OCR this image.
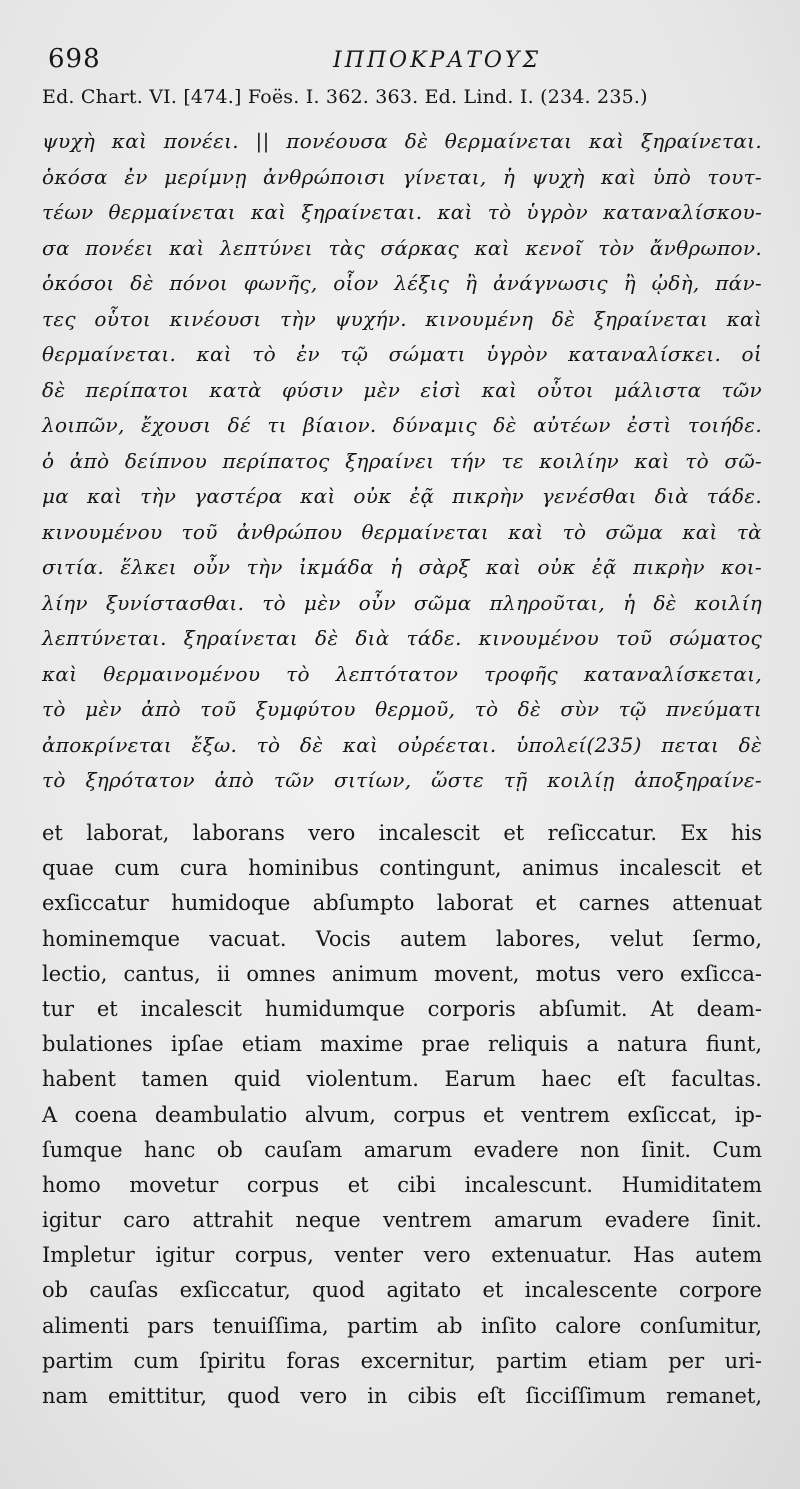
698	ΙΠΠΟΚΡΑΤΟΥΣ
Ed. Chart. VI. [474.] Foës. I. 362. 363. Ed. Lind. I. (234. 235.)
ψυχὴ καὶ πονέει. || πονέουσα δὲ θερμαίνεται καὶ ξηραίνεται.
ὁκόσα ἐν μερίμνῃ ἀνθρώποισι γίνεται, ἡ ψυχὴ καὶ ὑπὸ τουτ-
τέων θερμαίνεται καὶ ξηραίνεται. καὶ τὸ ὑγρὸν καταναλίσκου-
σα πονέει καὶ λεπτύνει τὰς σάρκας καὶ κενοῖ τὸν ἄνθρωπον.
ὁκόσοι δὲ πόνοι φωνῆς, οἷον λέξις ἢ ἀνάγνωσις ἢ ᾠδὴ, πάν-
τες οὗτοι κινέουσι τὴν ψυχήν. κινουμένη δὲ ξηραίνεται καὶ
θερμαίνεται. καὶ τὸ ἐν τῷ σώματι ὑγρὸν καταναλίσκει. οἱ
δὲ περίπατοι κατὰ φύσιν μὲν εἰσὶ καὶ οὗτοι μάλιστα τῶν
λοιπῶν, ἔχουσι δέ τι βίαιον. δύναμις δὲ αὐτέων ἐστὶ τοιήδε.
ὁ ἀπὸ δείπνου περίπατος ξηραίνει τήν τε κοιλίην καὶ τὸ σῶ-
μα καὶ τὴν γαστέρα καὶ οὐκ ἐᾷ πικρὴν γενέσθαι διὰ τάδε.
κινουμένου τοῦ ἀνθρώπου θερμαίνεται καὶ τὸ σῶμα καὶ τὰ
σιτία. ἕλκει οὖν τὴν ἰκμάδα ἡ σὰρξ καὶ οὐκ ἐᾷ πικρὴν κοι-
λίην ξυνίστασθαι. τὸ μὲν οὖν σῶμα πληροῦται, ἡ δὲ κοιλίη
λεπτύνεται. ξηραίνεται δὲ διὰ τάδε. κινουμένου τοῦ σώματος
καὶ θερμαινομένου τὸ λεπτότατον τροφῆς καταναλίσκεται,
τὸ μὲν ἀπὸ τοῦ ξυμφύτου θερμοῦ, τὸ δὲ σὺν τῷ πνεύματι
ἀποκρίνεται ἔξω. τὸ δὲ καὶ οὐρέεται. ὑπολεί(235) πεται δὲ
τὸ ξηρότατον ἀπὸ τῶν σιτίων, ὥστε τῇ κοιλίῃ ἀποξηραίνε-
et laborat, laborans vero incalescit et reſiccatur. Ex his
quae cum cura hominibus contingunt, animus incalescit et
exſiccatur humidoque abſumpto laborat et carnes attenuat
hominemque vacuat. Vocis autem labores, velut ſermo,
lectio, cantus, ii omnes animum movent, motus vero exſicca-
tur et incalescit humidumque corporis abſumit. At deam-
bulationes ipſae etiam maxime prae reliquis a natura fiunt,
habent tamen quid violentum. Earum haec eſt facultas.
A coena deambulatio alvum, corpus et ventrem exſiccat, ip-
ſumque hanc ob cauſam amarum evadere non ſinit. Cum
homo movetur corpus et cibi incalescunt. Humiditatem
igitur caro attrahit neque ventrem amarum evadere ſinit.
Impletur igitur corpus, venter vero extenuatur. Has autem
ob cauſas exſiccatur, quod agitato et incalescente corpore
alimenti pars tenuiſſima, partim ab inſito calore conſumitur,
partim cum ſpiritu foras excernitur, partim etiam per uri-
nam emittitur, quod vero in cibis eſt ſicciſſimum remanet,
